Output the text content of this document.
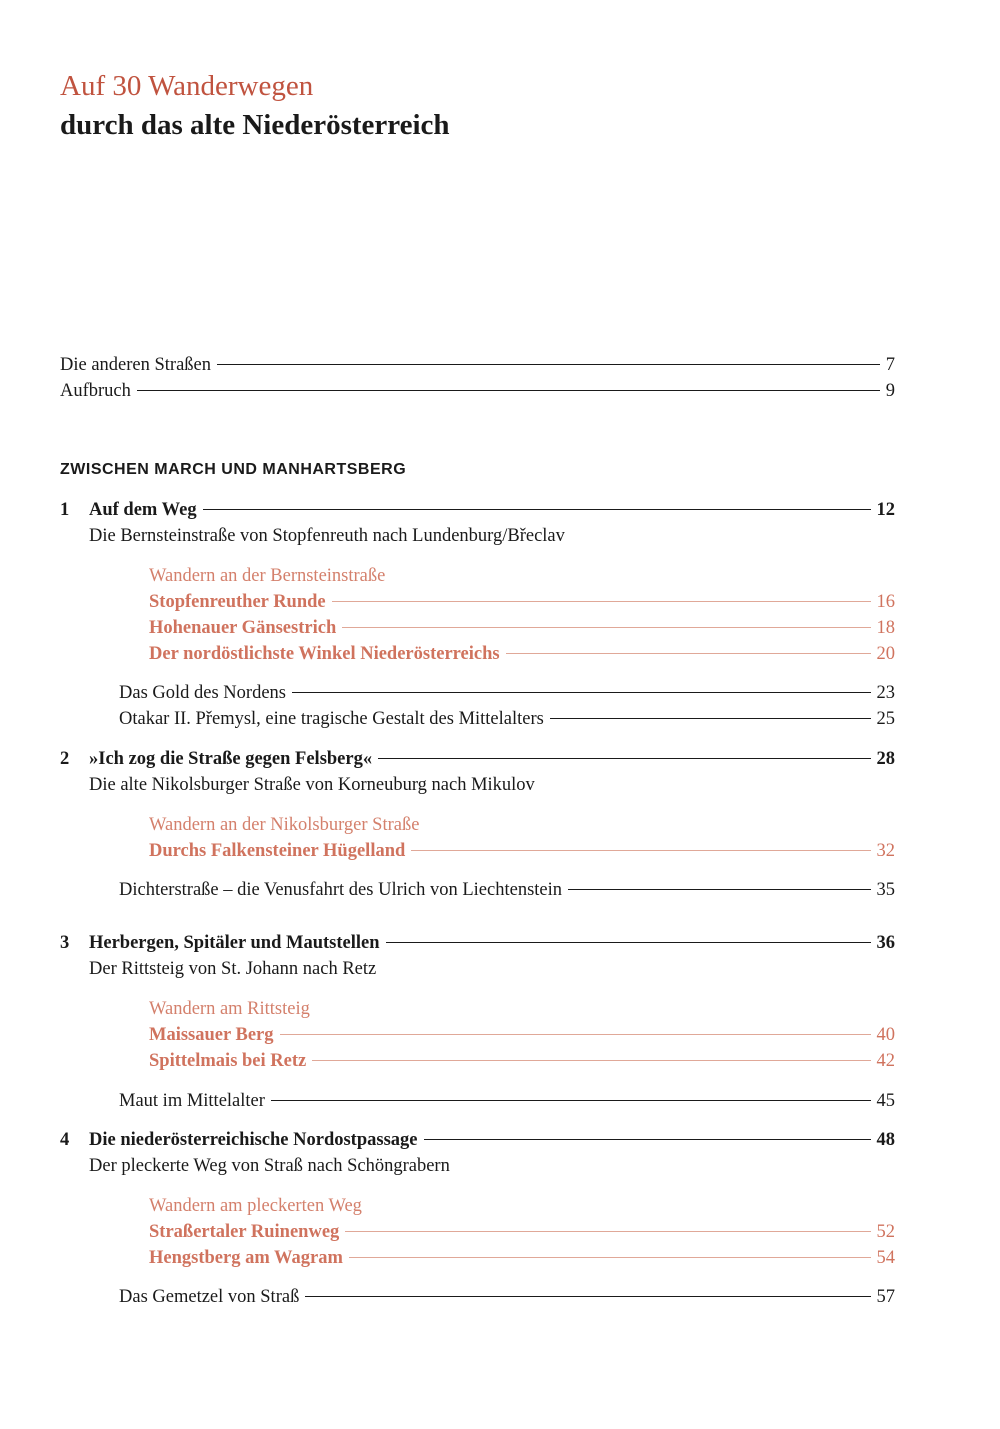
Auf 30 Wanderwegen
durch das alte Niederösterreich
Die anderen Straßen	7
Aufbruch	9
ZWISCHEN MARCH UND MANHARTSBERG
1 Auf dem Weg	12
Die Bernsteinstraße von Stopfenreuth nach Lundenburg/Břeclav
Wandern an der Bernsteinstraße
Stopfenreuther Runde	16
Hohenauer Gänsestrich	18
Der nordöstlichste Winkel Niederösterreichs	20
Das Gold des Nordens	23
Otakar II. Přemysl, eine tragische Gestalt des Mittelalters	25
2 »Ich zog die Straße gegen Felsberg«	28
Die alte Nikolsburger Straße von Korneuburg nach Mikulov
Wandern an der Nikolsburger Straße
Durchs Falkensteiner Hügelland	32
Dichterstraße – die Venusfahrt des Ulrich von Liechtenstein	35
3 Herbergen, Spitäler und Mautstellen	36
Der Rittsteig von St. Johann nach Retz
Wandern am Rittsteig
Maissauer Berg	40
Spittelmais bei Retz	42
Maut im Mittelalter	45
4 Die niederösterreichische Nordostpassage	48
Der pleckerte Weg von Straß nach Schöngrabern
Wandern am pleckerten Weg
Straßertaler Ruinenweg	52
Hengstberg am Wagram	54
Das Gemetzel von Straß	57
